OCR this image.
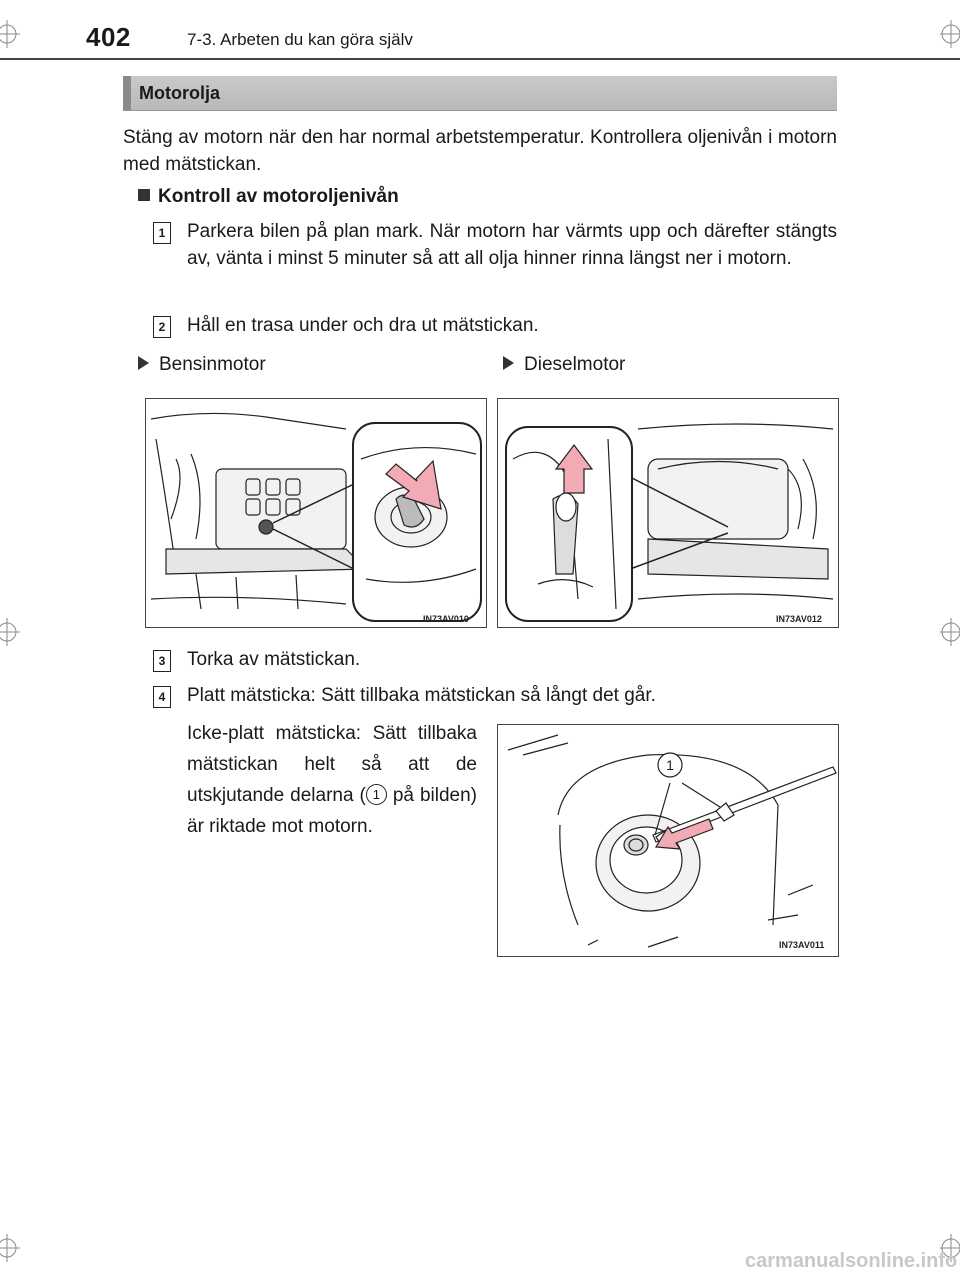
402	7-3. Arbeten du kan göra själv
Motorolja
Stäng av motorn när den har normal arbetstemperatur. Kontrollera oljenivån i motorn med mätstickan.
Kontroll av motoroljenivån
1 Parkera bilen på plan mark. När motorn har värmts upp och därefter stängts av, vänta i minst 5 minuter så att all olja hinner rinna längst ner i motorn.
2 Håll en trasa under och dra ut mätstickan.
Bensinmotor	Dieselmotor
IN73AV010	IN73AV012
3 Torka av mätstickan.
4 Platt mätsticka: Sätt tillbaka mätstickan så långt det går.
Icke-platt mätsticka: Sätt tillbaka mätstickan helt så att de utskjutande delarna ( 1 på bilden) är riktade mot motorn.
1
IN73AV011
carmanualsonline.info
